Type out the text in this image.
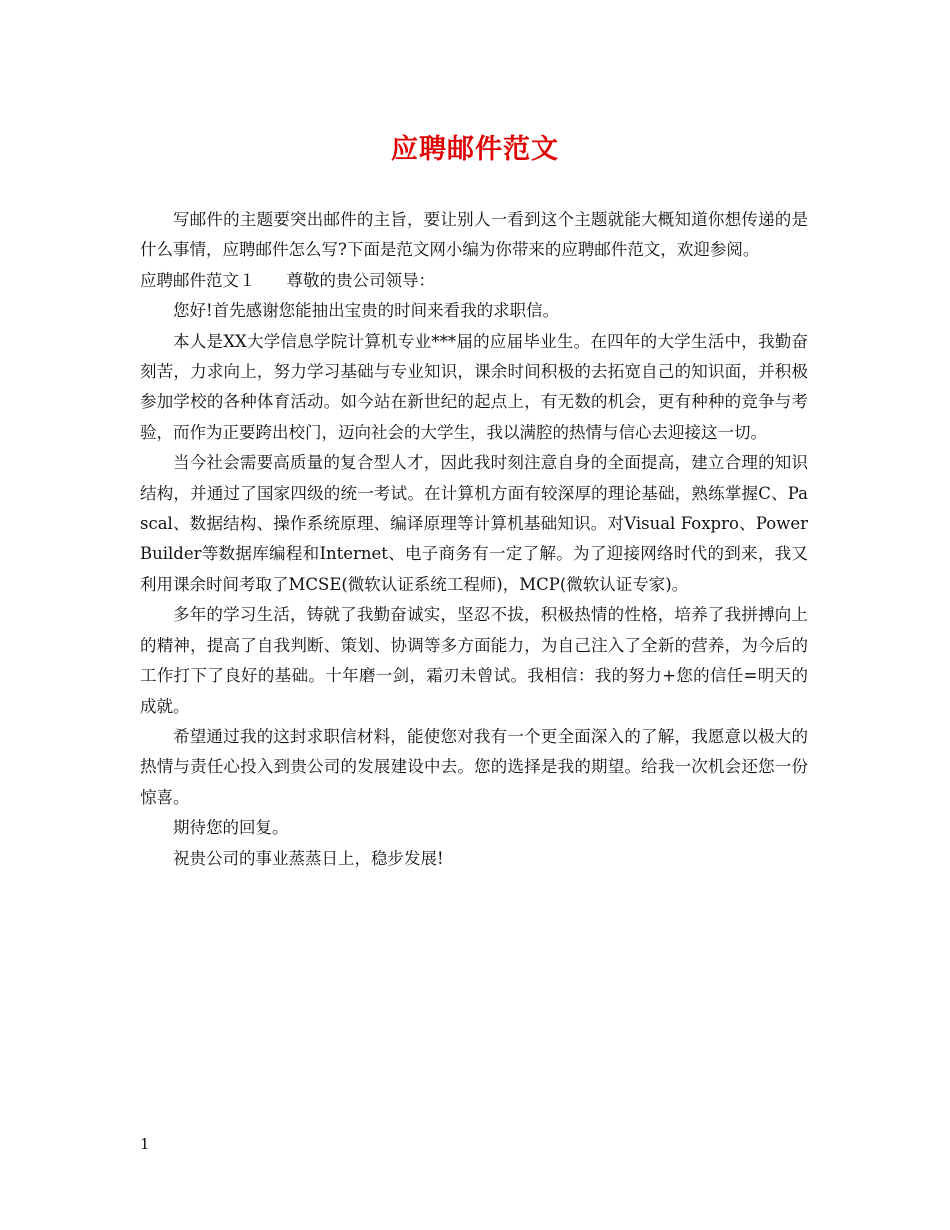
应聘邮件范文

写邮件的主题要突出邮件的主旨，要让别人一看到这个主题就能大概知道你想传递的是什么事情，应聘邮件怎么写?下面是范文网小编为你带来的应聘邮件范文，欢迎参阅。

应聘邮件范文１ 尊敬的贵公司领导：

您好!首先感谢您能抽出宝贵的时间来看我的求职信。

本人是XX大学信息学院计算机专业***届的应届毕业生。在四年的大学生活中，我勤奋刻苦，力求向上，努力学习基础与专业知识，课余时间积极的去拓宽自己的知识面，并积极参加学校的各种体育活动。如今站在新世纪的起点上，有无数的机会，更有种种的竞争与考验，而作为正要跨出校门，迈向社会的大学生，我以满腔的热情与信心去迎接这一切。

当今社会需要高质量的复合型人才，因此我时刻注意自身的全面提高，建立合理的知识结构，并通过了国家四级的统一考试。在计算机方面有较深厚的理论基础，熟练掌握C、Pascal、数据结构、操作系统原理、编译原理等计算机基础知识。对Visual Foxpro、Power Builder等数据库编程和Internet、电子商务有一定了解。为了迎接网络时代的到来，我又利用课余时间考取了MCSE(微软认证系统工程师)，MCP(微软认证专家)。

多年的学习生活，铸就了我勤奋诚实，坚忍不拔，积极热情的性格，培养了我拼搏向上的精神，提高了自我判断、策划、协调等多方面能力，为自己注入了全新的营养，为今后的工作打下了良好的基础。十年磨一剑，霜刃未曾试。我相信：我的努力+您的信任=明天的成就。

希望通过我的这封求职信材料，能使您对我有一个更全面深入的了解，我愿意以极大的热情与责任心投入到贵公司的发展建设中去。您的选择是我的期望。给我一次机会还您一份惊喜。

期待您的回复。

祝贵公司的事业蒸蒸日上，稳步发展!

1
